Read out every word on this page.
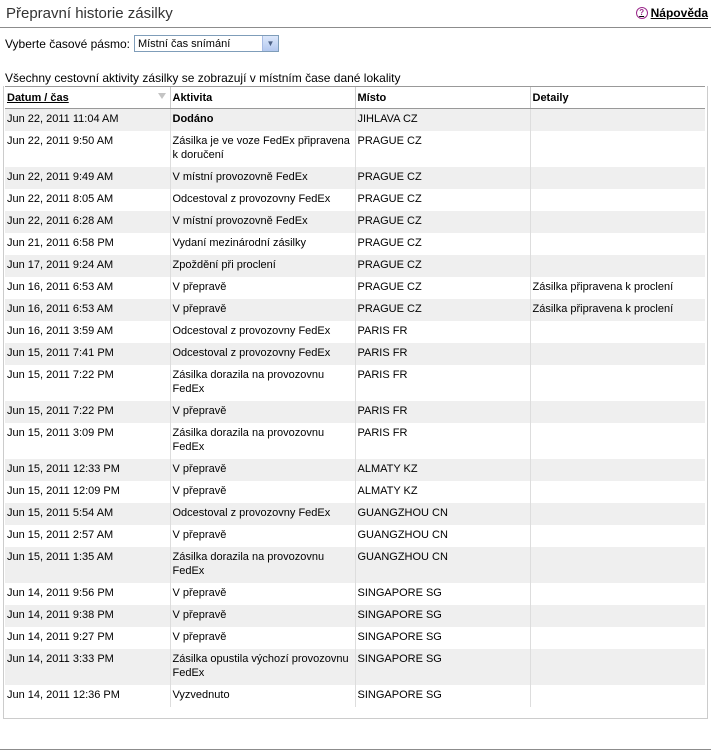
Přepravní historie zásilky	? Nápověda
Vyberte časové pásmo: Místní čas snímání	▼
Všechny cestovní aktivity zásilky se zobrazují v místním čase dané lokality
Datum / čas	Aktivita	Místo	Detaily
Jun 22, 2011 11:04 AM	Dodáno	JIHLAVA CZ	
Jun 22, 2011 9:50 AM	Zásilka je ve voze FedEx připravena k doručení	PRAGUE CZ	
Jun 22, 2011 9:49 AM	V místní provozovně FedEx	PRAGUE CZ	
Jun 22, 2011 8:05 AM	Odcestoval z provozovny FedEx	PRAGUE CZ	
Jun 22, 2011 6:28 AM	V místní provozovně FedEx	PRAGUE CZ	
Jun 21, 2011 6:58 PM	Vydaní mezinárodní zásilky	PRAGUE CZ	
Jun 17, 2011 9:24 AM	Zpoždění při proclení	PRAGUE CZ	
Jun 16, 2011 6:53 AM	V přepravě	PRAGUE CZ	Zásilka připravena k proclení
Jun 16, 2011 6:53 AM	V přepravě	PRAGUE CZ	Zásilka připravena k proclení
Jun 16, 2011 3:59 AM	Odcestoval z provozovny FedEx	PARIS FR	
Jun 15, 2011 7:41 PM	Odcestoval z provozovny FedEx	PARIS FR	
Jun 15, 2011 7:22 PM	Zásilka dorazila na provozovnu FedEx	PARIS FR	
Jun 15, 2011 7:22 PM	V přepravě	PARIS FR	
Jun 15, 2011 3:09 PM	Zásilka dorazila na provozovnu FedEx	PARIS FR	
Jun 15, 2011 12:33 PM	V přepravě	ALMATY KZ	
Jun 15, 2011 12:09 PM	V přepravě	ALMATY KZ	
Jun 15, 2011 5:54 AM	Odcestoval z provozovny FedEx	GUANGZHOU CN	
Jun 15, 2011 2:57 AM	V přepravě	GUANGZHOU CN	
Jun 15, 2011 1:35 AM	Zásilka dorazila na provozovnu FedEx	GUANGZHOU CN	
Jun 14, 2011 9:56 PM	V přepravě	SINGAPORE SG	
Jun 14, 2011 9:38 PM	V přepravě	SINGAPORE SG	
Jun 14, 2011 9:27 PM	V přepravě	SINGAPORE SG	
Jun 14, 2011 3:33 PM	Zásilka opustila výchozí provozovnu FedEx	SINGAPORE SG	
Jun 14, 2011 12:36 PM	Vyzvednuto	SINGAPORE SG	
